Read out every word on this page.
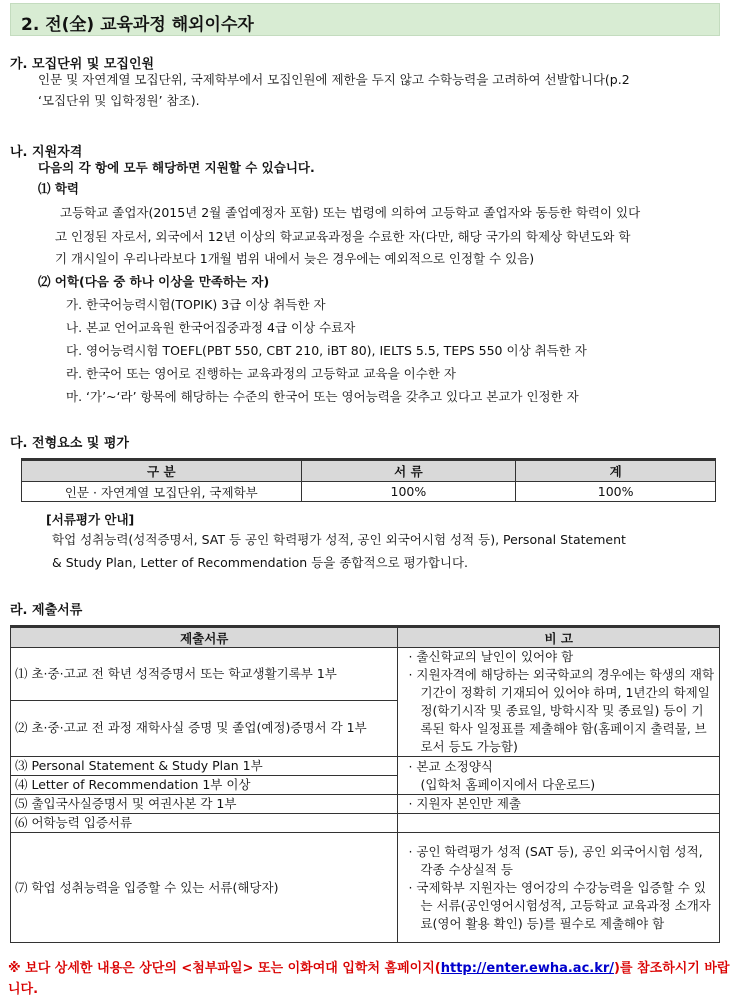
2. 전(全) 교육과정 해외이수자
가. 모집단위 및 모집인원
인문 및 자연계열 모집단위, 국제학부에서 모집인원에 제한을 두지 않고 수학능력을 고려하여 선발합니다(p.2
‘모집단위 및 입학정원’ 참조).
나. 지원자격
다음의 각 항에 모두 해당하면 지원할 수 있습니다.
⑴ 학력
고등학교 졸업자(2015년 2월 졸업예정자 포함) 또는 법령에 의하여 고등학교 졸업자와 동등한 학력이 있다
고 인정된 자로서, 외국에서 12년 이상의 학교교육과정을 수료한 자(다만, 해당 국가의 학제상 학년도와 학
기 개시일이 우리나라보다 1개월 범위 내에서 늦은 경우에는 예외적으로 인정할 수 있음)
⑵ 어학(다음 중 하나 이상을 만족하는 자)
가. 한국어능력시험(TOPIK) 3급 이상 취득한 자
나. 본교 언어교육원 한국어집중과정 4급 이상 수료자
다. 영어능력시험 TOEFL(PBT 550, CBT 210, iBT 80), IELTS 5.5, TEPS 550 이상 취득한 자
라. 한국어 또는 영어로 진행하는 교육과정의 고등학교 교육을 이수한 자
마. ‘가’~‘라’ 항목에 해당하는 수준의 한국어 또는 영어능력을 갖추고 있다고 본교가 인정한 자
다. 전형요소 및 평가
구 분	서 류	계
인문 · 자연계열 모집단위, 국제학부	100%	100%
[서류평가 안내]
학업 성취능력(성적증명서, SAT 등 공인 학력평가 성적, 공인 외국어시험 성적 등), Personal Statement
& Study Plan, Letter of Recommendation 등을 종합적으로 평가합니다.
라. 제출서류
제출서류	비 고
⑴ 초·중·고교 전 학년 성적증명서 또는 학교생활기록부 1부	· 출신학교의 날인이 있어야 함
· 지원자격에 해당하는 외국학교의 경우에는 학생의 재학기간이 정확히 기재되어 있어야 하며, 1년간의 학제일정(학기시작 및 종료일, 방학시작 및 종료일) 등이 기록된 학사 일정표를 제출해야 함(홈페이지 출력물, 브로서 등도 가능함)

⑵ 초·중·고교 전 과정 재학사실 증명 및 졸업(예정)증명서 각 1부	
⑶ Personal Statement & Study Plan 1부	· 본교 소정양식
(입학처 홈페이지에서 다운로드)

⑷ Letter of Recommendation 1부 이상	
⑸ 출입국사실증명서 및 여권사본 각 1부	· 지원자 본인만 제출

⑹ 어학능력 입증서류	
⑺ 학업 성취능력을 입증할 수 있는 서류(해당자)	· 공인 학력평가 성적 (SAT 등), 공인 외국어시험 성적, 각종 수상실적 등
· 국제학부 지원자는 영어강의 수강능력을 입증할 수 있는 서류(공인영어시험성적, 고등학교 교육과정 소개자료(영어 활용 확인) 등)를 필수로 제출해야 함
※ 보다 상세한 내용은 상단의 <첨부파일> 또는 이화여대 입학처 홈페이지(http://enter.ewha.ac.kr/)를 참조하시기 바랍니다.
